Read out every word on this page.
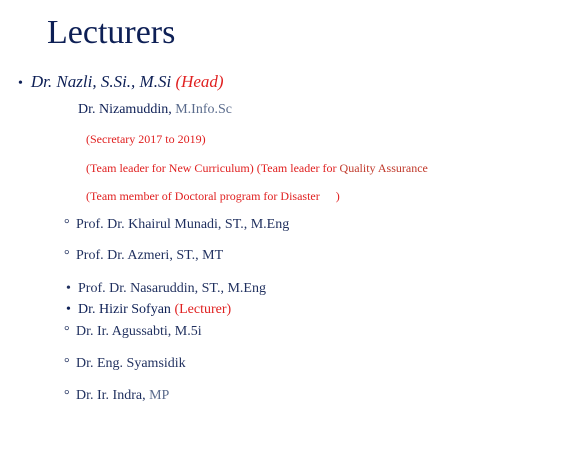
Lecturers
• Dr. Nazli, S.Si., M.Si (Head)
Dr. Nizamuddin, M.Info.Sc
(Secretary 2017 to 2019)
(Team leader for New Curriculum) (Team leader for Quality Assurance
(Team member of Doctoral program for Disaster )
° Prof. Dr. Khairul Munadi, ST., M.Eng
° Prof. Dr. Azmeri, ST., MT
• Prof. Dr. Nasaruddin, ST., M.Eng
• Dr. Hizir Sofyan (Lecturer)
° Dr. Ir. Agussabti, M.5i
° Dr. Eng. Syamsidik
° Dr. Ir. Indra, MP
